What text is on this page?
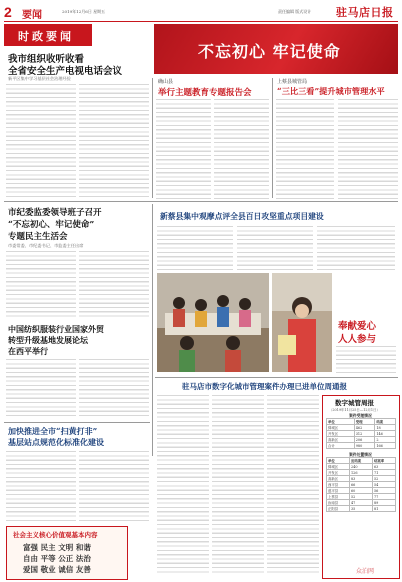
2 要闻	2019年12月6日 星期五	责任编辑 版式设计 驻马店日报
时政要闻
不忘初心 牢记使命
我市组织收听收看
全省安全生产电视电话会议
新平区集中学习基层社会治理经验
确山县
举行主题教育专题报告会
上蔡县城管局
“三比三看”提升城市管理水平
市纪委监委领导班子召开
“不忘初心、牢记使命”
专题民主生活会
市委常委、市纪委书记、市监委主任出席
新蔡县集中观摩点评全县百日攻坚重点项目建设
奉献爱心
人人参与
中国纺织服装行业国家外贸
转型升级基地发展论坛
在西平举行
驻马店市数字化城市管理案件办理已进单位周通报
数字城管周报
（2019年11月25日—12月1日）
案件受理情况
单位	受理	结案
驿城区	462	18
开发区	312	146
高新区	206	2
合计	980	166
案件处置情况
单位	应结案	结案率
驿城区	240	63
开发区	126	71
高新区	83	52
西平县	66	54
遂平县	60	56
上蔡县	52	77
汝南县	47	89
正阳县	35	81
加快推进全市“扫黄打非”
基层站点规范化标准化建设
社会主义核心价值观基本内容
富强 民主 文明 和谐
自由 平等 公正 法治
爱国 敬业 诚信 友善	众泊网
